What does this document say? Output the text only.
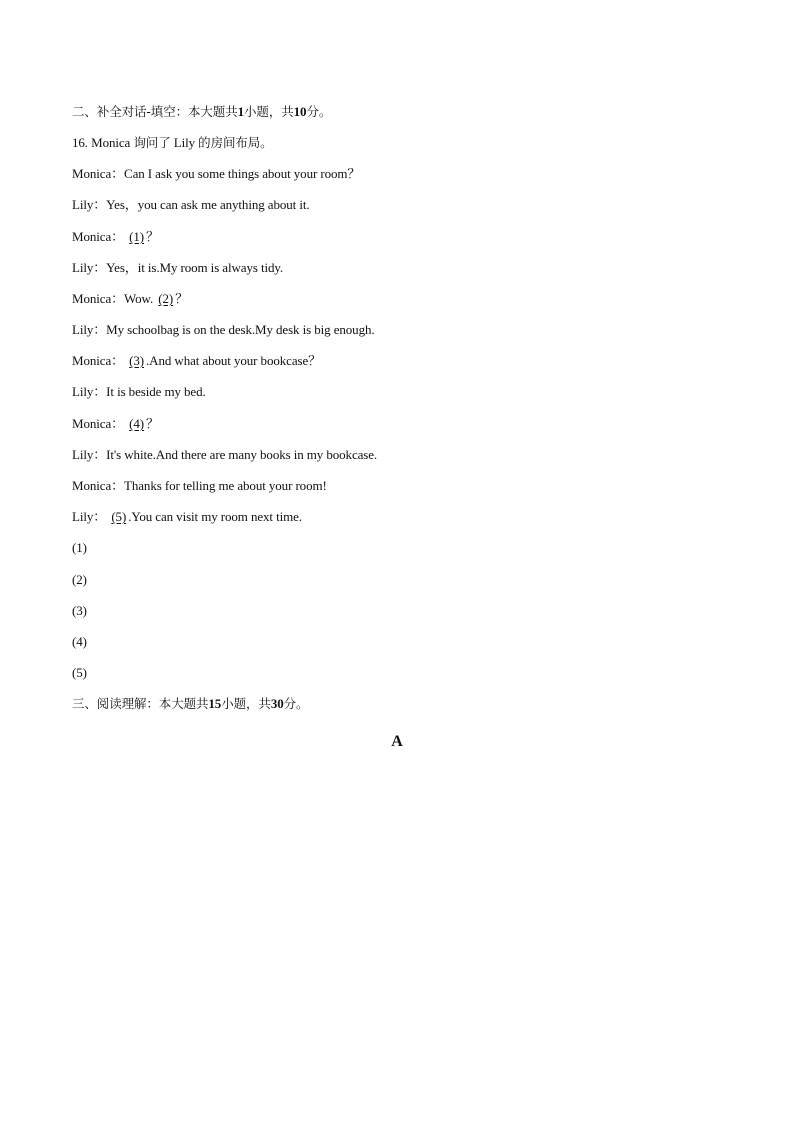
二、补全对话-填空：本大题共1小题，共10分。
16. Monica 询问了 Lily 的房间布局。
Monica：Can I ask you some things about your room？
Lily：Yes，you can ask me anything about it.
Monica： (1) ？
Lily：Yes，it is.My room is always tidy.
Monica：Wow. (2) ？
Lily：My schoolbag is on the desk.My desk is big enough.
Monica： (3) .And what about your bookcase？
Lily：It is beside my bed.
Monica： (4) ？
Lily：It's white.And there are many books in my bookcase.
Monica：Thanks for telling me about your room!
Lily： (5) .You can visit my room next time.
(1)
(2)
(3)
(4)
(5)
三、阅读理解：本大题共15小题，共30分。
A
